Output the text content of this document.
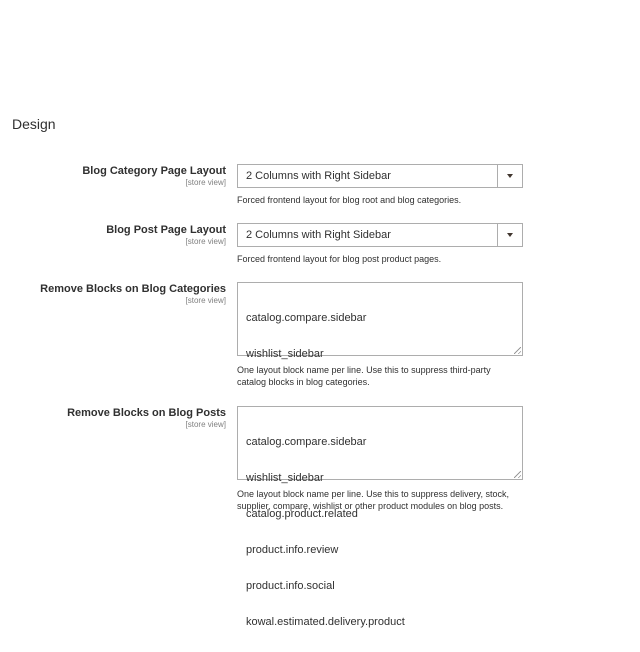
Design
Blog Category Page Layout
[store view]
2 Columns with Right Sidebar
Forced frontend layout for blog root and blog categories.
Blog Post Page Layout
[store view]
2 Columns with Right Sidebar
Forced frontend layout for blog post product pages.
Remove Blocks on Blog Categories
[store view]

catalog.compare.sidebar

wishlist_sidebar

One layout block name per line. Use this to suppress third-party
catalog blocks in blog categories.
Remove Blocks on Blog Posts
[store view]

catalog.compare.sidebar

wishlist_sidebar

catalog.product.related

product.info.review

product.info.social

kowal.estimated.delivery.product

One layout block name per line. Use this to suppress delivery, stock,
supplier, compare, wishlist or other product modules on blog posts.
